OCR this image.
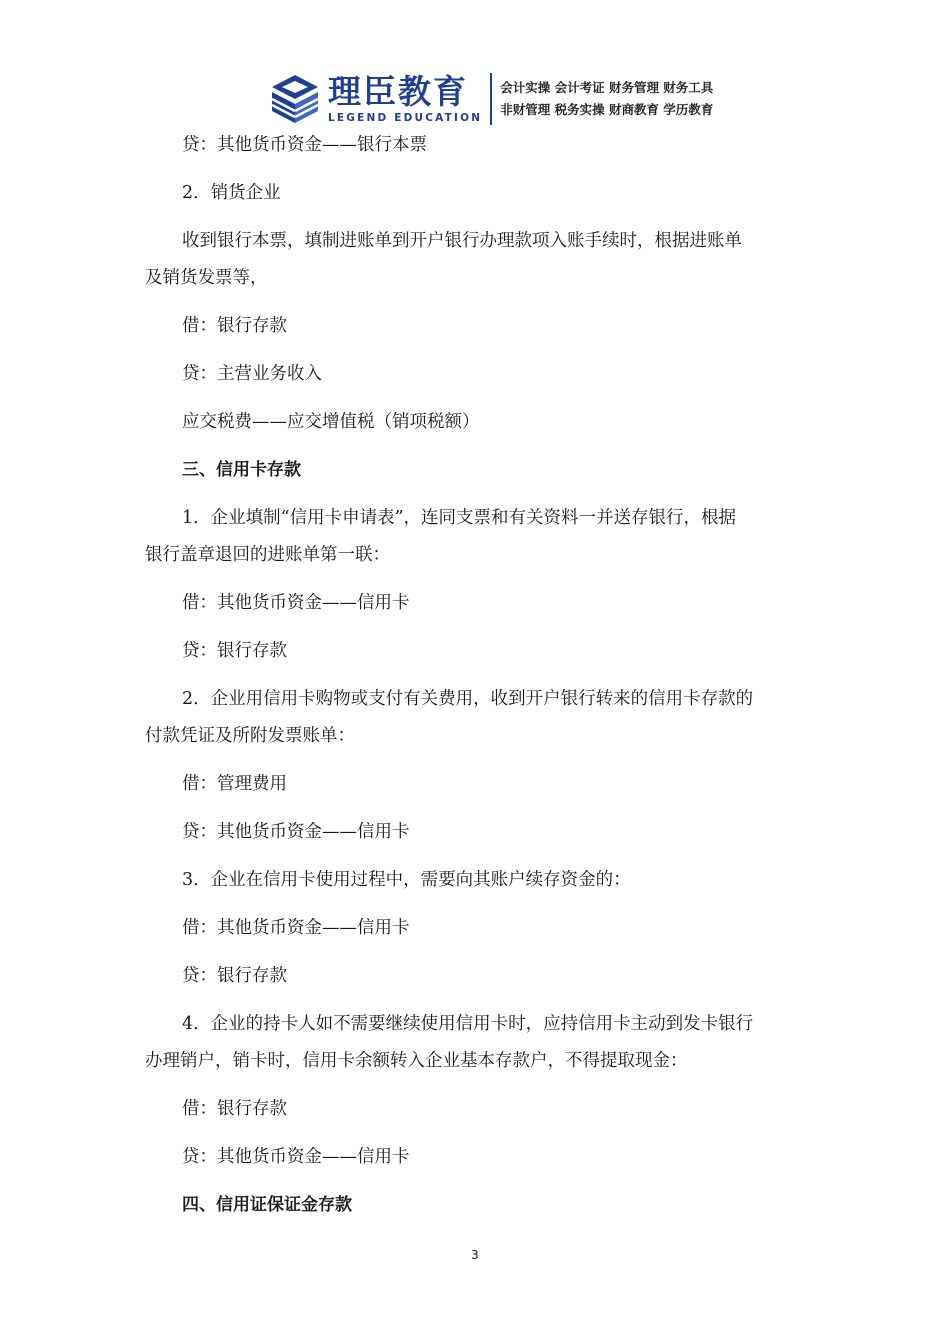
理臣教育
LEGEND EDUCATION
会计实操 会计考证 财务管理 财务工具
非财管理 税务实操 财商教育 学历教育
贷：其他货币资金——银行本票
2．销货企业
收到银行本票，填制进账单到开户银行办理款项入账手续时，根据进账单
及销货发票等，
借：银行存款
贷：主营业务收入
应交税费——应交增值税（销项税额）
三、信用卡存款
1．企业填制“信用卡申请表”，连同支票和有关资料一并送存银行，根据
银行盖章退回的进账单第一联：
借：其他货币资金——信用卡
贷：银行存款
2．企业用信用卡购物或支付有关费用，收到开户银行转来的信用卡存款的
付款凭证及所附发票账单：
借：管理费用
贷：其他货币资金——信用卡
3．企业在信用卡使用过程中，需要向其账户续存资金的：
借：其他货币资金——信用卡
贷：银行存款
4．企业的持卡人如不需要继续使用信用卡时，应持信用卡主动到发卡银行
办理销户，销卡时，信用卡余额转入企业基本存款户，不得提取现金：
借：银行存款
贷：其他货币资金——信用卡
四、信用证保证金存款
3
